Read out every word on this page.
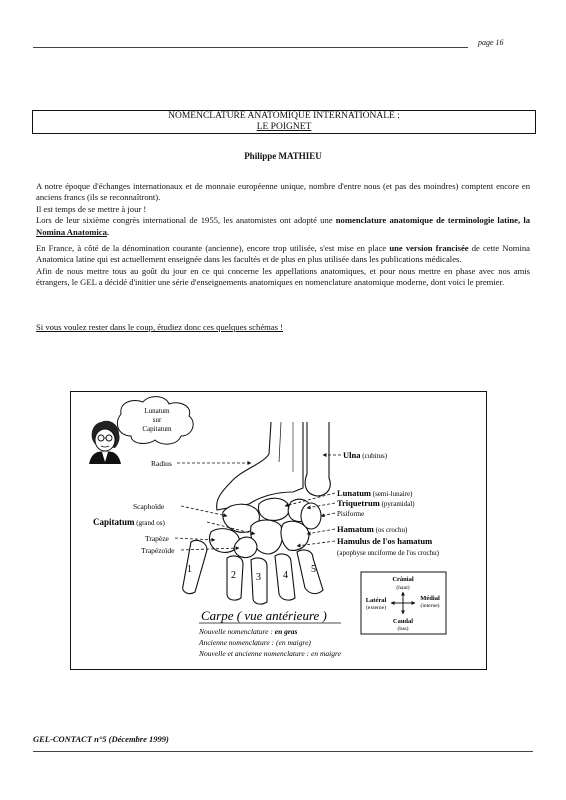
page 16
NOMENCLATURE ANATOMIQUE INTERNATIONALE :
LE POIGNET
Philippe MATHIEU

A notre époque d'échanges internationaux et de monnaie européenne unique, nombre d'entre nous (et pas des moindres) comptent encore en anciens francs (ils se reconnaîtront).

Il est temps de se mettre à jour !

Lors de leur sixième congrès international de 1955, les anatomistes ont adopté une nomenclature anatomique de terminologie latine, la Nomina Anatomica.

En France, à côté de la dénomination courante (ancienne), encore trop utilisée, s'est mise en place une version francisée de cette Nomina Anatomica latine qui est actuellement enseignée dans les facultés et de plus en plus utilisée dans les publications médicales.

Afin de nous mettre tous au goût du jour en ce qui concerne les appellations anatomiques, et pour nous mettre en phase avec nos amis étrangers, le GEL a décidé d'initier une série d'enseignements anatomiques en nomenclature anatomique moderne, dont voici le premier.

Si vous voulez rester dans le coup, étudiez donc ces quelques schémas !
Lunatum
sur
Capitatum
1
2 3 4
5
Radius
Scaphoïde
Capitatum (grand os)
Trapèze
Trapézoïde
Ulna (cubitus)
Lunatum (semi-lunaire)
Triquetrum (pyramidal)
Pisiforme
Hamatum (os crochu)
Hamulus de l'os hamatum
(apophyse unciforme de l'os crochu)
Crânial
(haut)
Latéral
(externe)
Médial
(interne)
Caudal
(bas)
Carpe ( vue antérieure )
Nouvelle nomenclature : en gras
Ancienne nomenclature : (en maigre)
Nouvelle et ancienne nomenclature : en maigre
GEL-CONTACT n°5 (Décembre 1999)
